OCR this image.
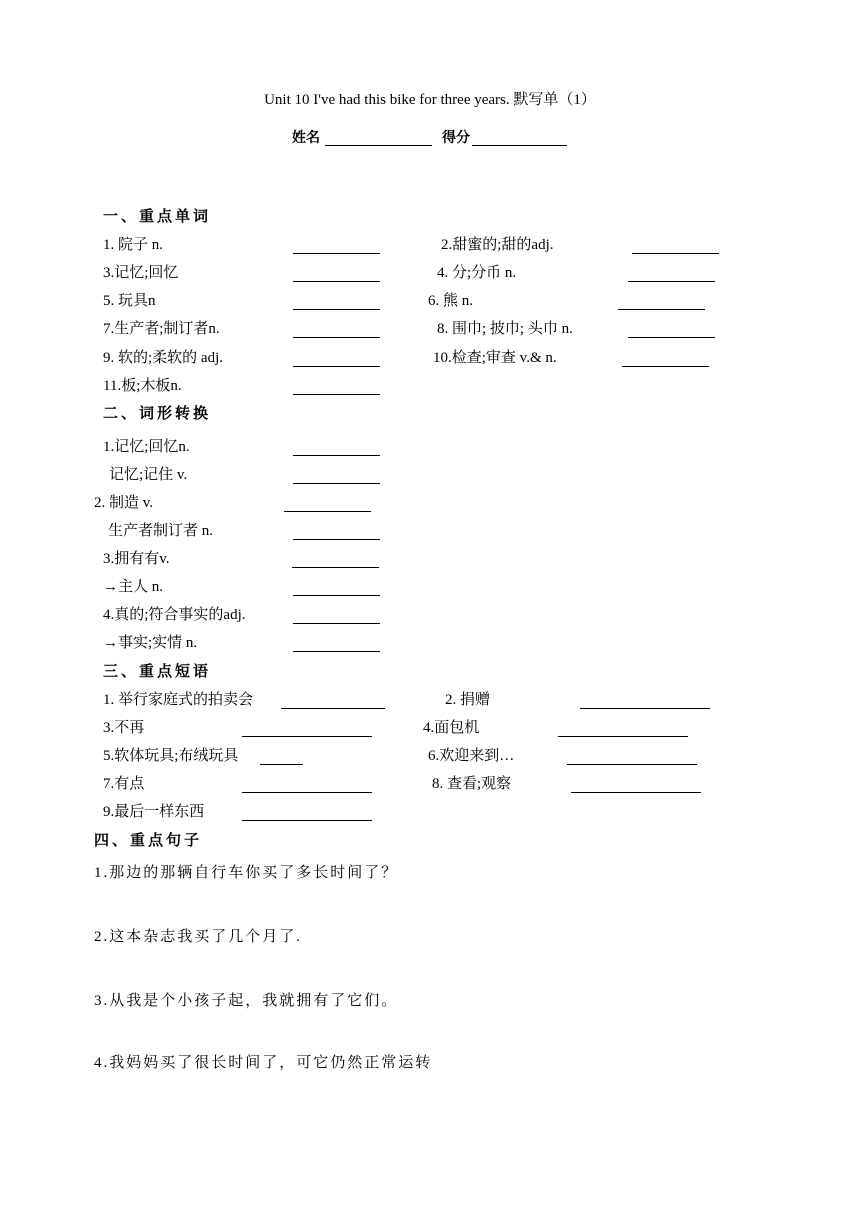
Unit 10 I've had this bike for three years. 默写单（1）
姓名	得分
一、重点单词
1. 院子 n.	2.甜蜜的;甜的adj.
3.记忆;回忆	4. 分;分币 n.
5. 玩具n	6. 熊 n.
7.生产者;制订者n.	8. 围巾; 披巾; 头巾 n.
9. 软的;柔软的 adj.	10.检查;审查 v.& n.
11.板;木板n.
二、词形转换
1.记忆;回忆n.
记忆;记住 v.
2. 制造 v.
生产者制订者 n.
3.拥有有v.
→主人 n.
4.真的;符合事实的adj.
→事实;实情 n.
三、重点短语
1. 举行家庭式的拍卖会	2. 捐赠
3.不再	4.面包机
5.软体玩具;布绒玩具	6.欢迎来到…
7.有点	8. 查看;观察
9.最后一样东西
四、重点句子
1.那边的那辆自行车你买了多长时间了？
2.这本杂志我买了几个月了.
3.从我是个小孩子起，我就拥有了它们。
4.我妈妈买了很长时间了，可它仍然正常运转
